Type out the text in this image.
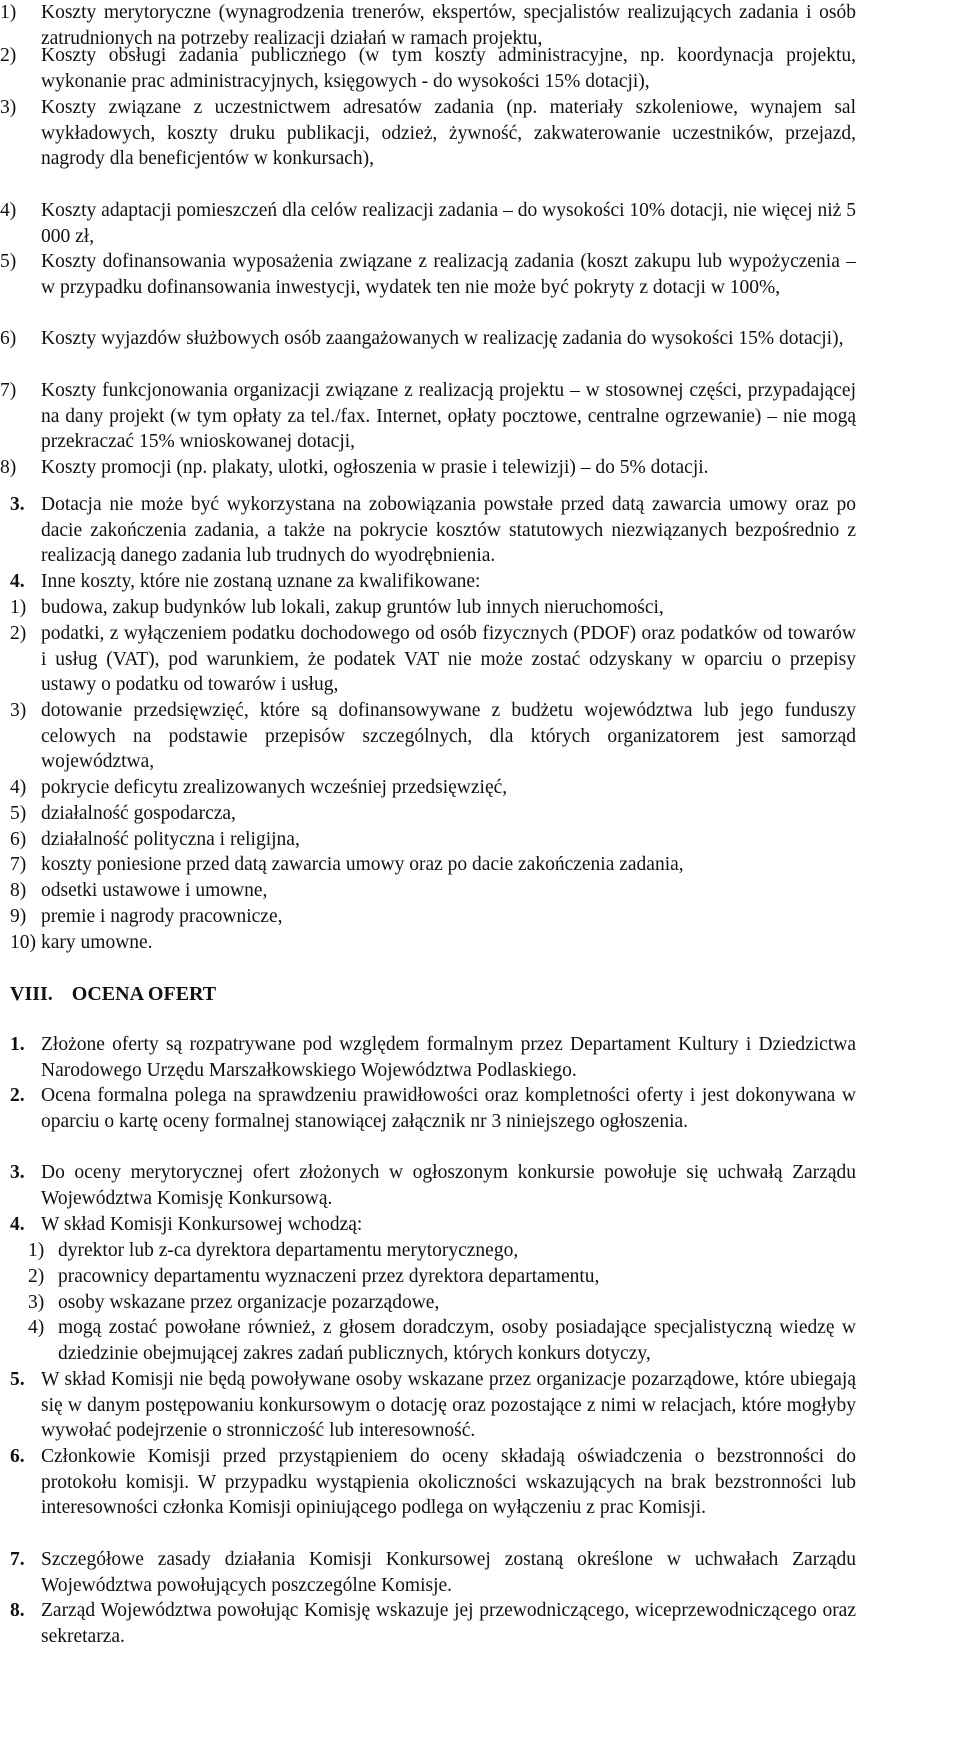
1) Koszty merytoryczne (wynagrodzenia trenerów, ekspertów, specjalistów realizujących zadania i osób zatrudnionych na potrzeby realizacji działań w ramach projektu,
2) Koszty obsługi zadania publicznego (w tym koszty administracyjne, np. koordynacja projektu, wykonanie prac administracyjnych, księgowych - do wysokości 15% dotacji),
3) Koszty związane z uczestnictwem adresatów zadania (np. materiały szkoleniowe, wynajem sal wykładowych, koszty druku publikacji, odzież, żywność, zakwaterowanie uczestników, przejazd, nagrody dla beneficjentów w konkursach),
4) Koszty adaptacji pomieszczeń dla celów realizacji zadania – do wysokości 10% dotacji, nie więcej niż 5 000 zł,
5) Koszty dofinansowania wyposażenia związane z realizacją zadania (koszt zakupu lub wypożyczenia – w przypadku dofinansowania inwestycji, wydatek ten nie może być pokryty z dotacji w 100%,
6) Koszty wyjazdów służbowych osób zaangażowanych w realizację zadania do wysokości 15% dotacji),
7) Koszty funkcjonowania organizacji związane z realizacją projektu – w stosownej części, przypadającej na dany projekt (w tym opłaty za tel./fax. Internet, opłaty pocztowe, centralne ogrzewanie) – nie mogą przekraczać 15% wnioskowanej dotacji,
8) Koszty promocji (np. plakaty, ulotki, ogłoszenia w prasie i telewizji) – do 5% dotacji.
3. Dotacja nie może być wykorzystana na zobowiązania powstałe przed datą zawarcia umowy oraz po dacie zakończenia zadania, a także na pokrycie kosztów statutowych niezwiązanych bezpośrednio z realizacją danego zadania lub trudnych do wyodrębnienia.
4. Inne koszty, które nie zostaną uznane za kwalifikowane:
1) budowa, zakup budynków lub lokali, zakup gruntów lub innych nieruchomości,
2) podatki, z wyłączeniem podatku dochodowego od osób fizycznych (PDOF) oraz podatków od towarów i usług (VAT), pod warunkiem, że podatek VAT nie może zostać odzyskany w oparciu o przepisy ustawy o podatku od towarów i usług,
3) dotowanie przedsięwzięć, które są dofinansowywane z budżetu województwa lub jego funduszy celowych na podstawie przepisów szczególnych, dla których organizatorem jest samorząd województwa,
4) pokrycie deficytu zrealizowanych wcześniej przedsięwzięć,
5) działalność gospodarcza,
6) działalność polityczna i religijna,
7) koszty poniesione przed datą zawarcia umowy oraz po dacie zakończenia zadania,
8) odsetki ustawowe i umowne,
9) premie i nagrody pracownicze,
10) kary umowne.
VIII. OCENA OFERT
1. Złożone oferty są rozpatrywane pod względem formalnym przez Departament Kultury i Dziedzictwa Narodowego Urzędu Marszałkowskiego Województwa Podlaskiego.
2. Ocena formalna polega na sprawdzeniu prawidłowości oraz kompletności oferty i jest dokonywana w oparciu o kartę oceny formalnej stanowiącej załącznik nr 3 niniejszego ogłoszenia.
3. Do oceny merytorycznej ofert złożonych w ogłoszonym konkursie powołuje się uchwałą Zarządu Województwa Komisję Konkursową.
4. W skład Komisji Konkursowej wchodzą:
1) dyrektor lub z-ca dyrektora departamentu merytorycznego,
2) pracownicy departamentu wyznaczeni przez dyrektora departamentu,
3) osoby wskazane przez organizacje pozarządowe,
4) mogą zostać powołane również, z głosem doradczym, osoby posiadające specjalistyczną wiedzę w dziedzinie obejmującej zakres zadań publicznych, których konkurs dotyczy,
5. W skład Komisji nie będą powoływane osoby wskazane przez organizacje pozarządowe, które ubiegają się w danym postępowaniu konkursowym o dotację oraz pozostające z nimi w relacjach, które mogłyby wywołać podejrzenie o stronniczość lub interesowność.
6. Członkowie Komisji przed przystąpieniem do oceny składają oświadczenia o bezstronności do protokołu komisji. W przypadku wystąpienia okoliczności wskazujących na brak bezstronności lub interesowności członka Komisji opiniującego podlega on wyłączeniu z prac Komisji.
7. Szczegółowe zasady działania Komisji Konkursowej zostaną określone w uchwałach Zarządu Województwa powołujących poszczególne Komisje.
8. Zarząd Województwa powołując Komisję wskazuje jej przewodniczącego, wiceprzewodniczącego oraz sekretarza.
